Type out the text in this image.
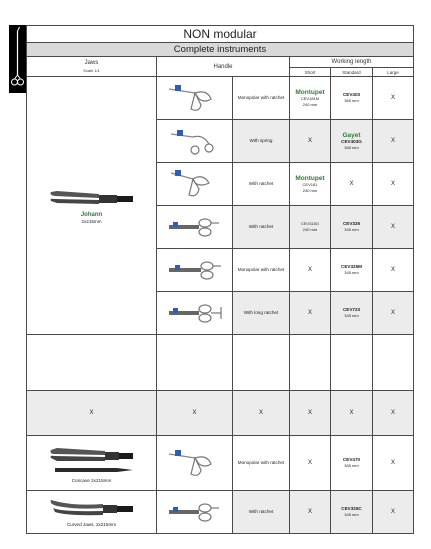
NON modular					
Complete instruments					
Jaws
Scale 1/1	Handle		Working length		
			Short	Standard	Large

Johann
2x215mm		Monopolar with ratchet	Montupet
CEV181M
240 mm	CEV403
365 mm	X

	With spring	X	Gayet
CEV403G
365 mm	X

	With ratchet	Montupet
CEV181
240 mm	X	X

	With ratchet	CEV315G
240 mm	CEV325
345 mm	X

	Monopolar with ratchet	X	CEV325M
345 mm	X

	With long ratchet	X	CEV723
345 mm	X

X	X	X	X	X	X

Concave 2x215mm		Monopolar with ratchet	X	CEV470
365 mm	X

Curved Jaws, 2x215mm		With ratchet	X	CEV325C
345 mm	X
